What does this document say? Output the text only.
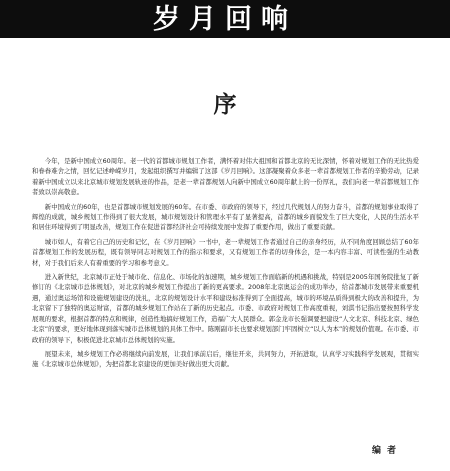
岁月回响
序

今年，是新中国成立60周年。老一代的首都城市规划工作者，满怀着对伟大祖国和首都北京的无比深情，怀着对规划工作的无比热爱和眷眷难舍之情，回忆记述峥嵘岁月，发起组织撰写并编辑了这部《岁月回响》。这部凝聚着众多老一辈首都规划工作者的辛勤劳动，记录着新中国成立以来北京城市规划发展轨迹的作品，是老一辈首都规划人向新中国成立60周年献上的一份厚礼，我们向老一辈首都规划工作者致以崇高敬意。

新中国成立的60年，也是首都城市规划发展的60年。在市委、市政府的领导下，经过几代规划人的努力奋斗，首都的规划事业取得了辉煌的成就，城乡规划工作得到了很大发展，城市规划设计和管理水平有了显著提高，首都的城乡面貌发生了巨大变化，人民的生活水平和居住环境得到了明显改善，规划工作在促进首都经济社会可持续发展中发挥了重要作用，做出了重要贡献。

城市如人，有着它自己的历史和记忆，在《岁月回响》一书中，老一辈规划工作者通过自己的亲身经历，从不同角度回顾总结了60年首都规划工作的发展历程，既有领导同志对规划工作的指示和要求，又有规划工作者的切身体会，是一本内容丰富、可读性强的生动教材，对于我们后来人有着重要的学习和参考意义。

进入新世纪，北京城市正处于城市化、信息化、市场化的加速期，城乡规划工作面临新的机遇和挑战，特别是2005年国务院批复了新修订的《北京城市总体规划》，对北京的城乡规划工作提出了新的更高要求。2008年北京奥运会的成功举办，给首都城市发展带来重要机遇，通过奥运场馆和设施规划建设的洗礼，北京的规划设计水平和建设标准得到了全面提高，城市的环境品质得到极大的改善和提升，为北京留下了独特的奥运财富，首都的城乡规划工作站在了新的历史起点。市委、市政府对规划工作高度重视，刘淇书记指出要按照科学发展观的要求，根据首都的特点和规律，创造性地搞好规划工作，造福广大人民群众。郭金龙市长强调要把建设“人文北京、科技北京、绿色北京”的要求，更好地体现到落实城市总体规划的具体工作中。陈刚副市长也要求规划部门牢固树立“以人为本”的规划价值观。在市委、市政府的领导下，积极促进北京城市总体规划的实施。

展望未来，城乡规划工作必将继续向前发展，让我们承前启后，继往开来，共同努力，开拓进取，认真学习实践科学发展观，贯彻实施《北京城市总体规划》，为把首都北京建设的更加美好做出更大贡献。

编者
